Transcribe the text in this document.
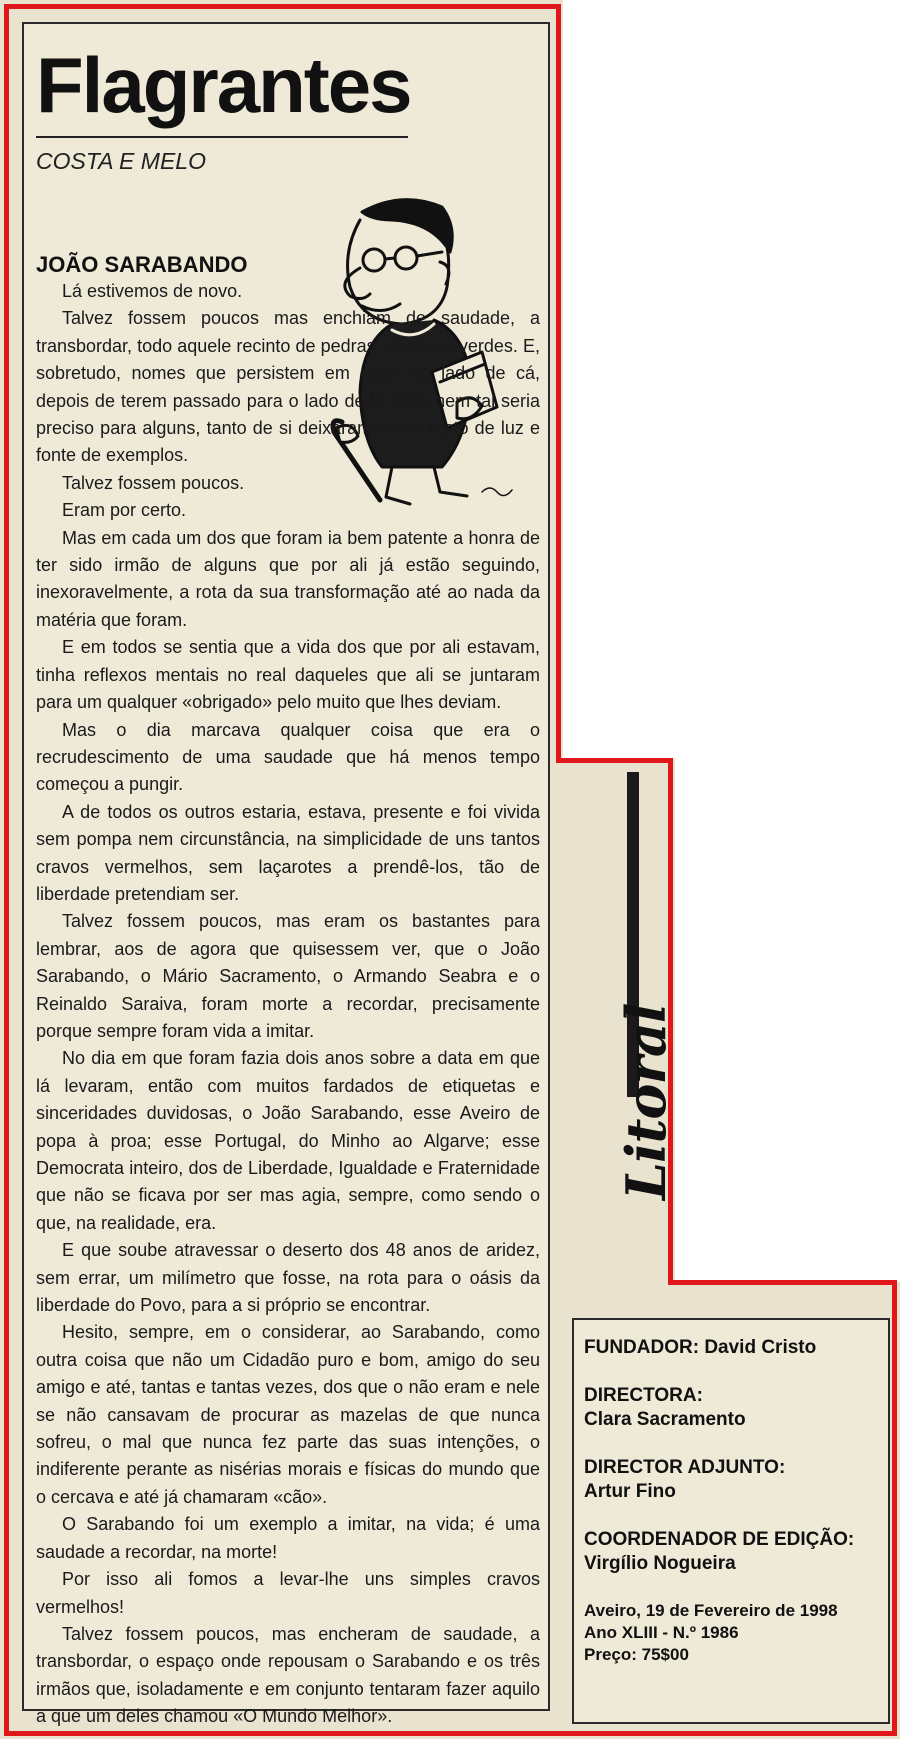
Flagrantes
COSTA E MELO
JOÃO SARABANDO

Lá estivemos de novo.

Talvez fossem poucos mas enchiam de saudade, a transbordar, todo aquele recinto de pedras, cruzes e verdes. E, sobretudo, nomes que persistem em estar do lado de cá, depois de terem passado para o lado de lá. Mas nem tal seria preciso para alguns, tanto de si deixaram como rasto de luz e fonte de exemplos.

Talvez fossem poucos.

Eram por certo.

Mas em cada um dos que foram ia bem patente a honra de ter sido irmão de alguns que por ali já estão seguindo, inexoravelmente, a rota da sua transformação até ao nada da matéria que foram.

E em todos se sentia que a vida dos que por ali estavam, tinha reflexos mentais no real daqueles que ali se juntaram para um qualquer «obrigado» pelo muito que lhes deviam.

Mas o dia marcava qualquer coisa que era o recrudescimento de uma saudade que há menos tempo começou a pungir.

A de todos os outros estaria, estava, presente e foi vivida sem pompa nem circunstância, na simplicidade de uns tantos cravos vermelhos, sem laçarotes a prendê-los, tão de liberdade pretendiam ser.

Talvez fossem poucos, mas eram os bastantes para lembrar, aos de agora que quisessem ver, que o João Sarabando, o Mário Sacramento, o Armando Seabra e o Reinaldo Saraiva, foram morte a recordar, precisamente porque sempre foram vida a imitar.

No dia em que foram fazia dois anos sobre a data em que lá levaram, então com muitos fardados de etiquetas e sinceridades duvidosas, o João Sarabando, esse Aveiro de popa à proa; esse Portugal, do Minho ao Algarve; esse Democrata inteiro, dos de Liberdade, Igualdade e Fraternidade que não se ficava por ser mas agia, sempre, como sendo o que, na realidade, era.

E que soube atravessar o deserto dos 48 anos de aridez, sem errar, um milímetro que fosse, na rota para o oásis da liberdade do Povo, para a si próprio se encontrar.

Hesito, sempre, em o considerar, ao Sarabando, como outra coisa que não um Cidadão puro e bom, amigo do seu amigo e até, tantas e tantas vezes, dos que o não eram e nele se não cansavam de procurar as mazelas de que nunca sofreu, o mal que nunca fez parte das suas intenções, o indiferente perante as nisérias morais e físicas do mundo que o cercava e até já chamaram «cão».

O Sarabando foi um exemplo a imitar, na vida; é uma saudade a recordar, na morte!

Por isso ali fomos a levar-lhe uns simples cravos vermelhos!

Talvez fossem poucos, mas encheram de saudade, a transbordar, o espaço onde repousam o Sarabando e os três irmãos que, isoladamente e em conjunto tentaram fazer aquilo a que um deles chamou «O Mundo Melhor».

Litoral
FUNDADOR: David Cristo
DIRECTORA:
Clara Sacramento
DIRECTOR ADJUNTO:
Artur Fino
COORDENADOR DE EDIÇÃO:
Virgílio Nogueira
Aveiro, 19 de Fevereiro de 1998
Ano XLIII - N.º 1986
Preço: 75$00
